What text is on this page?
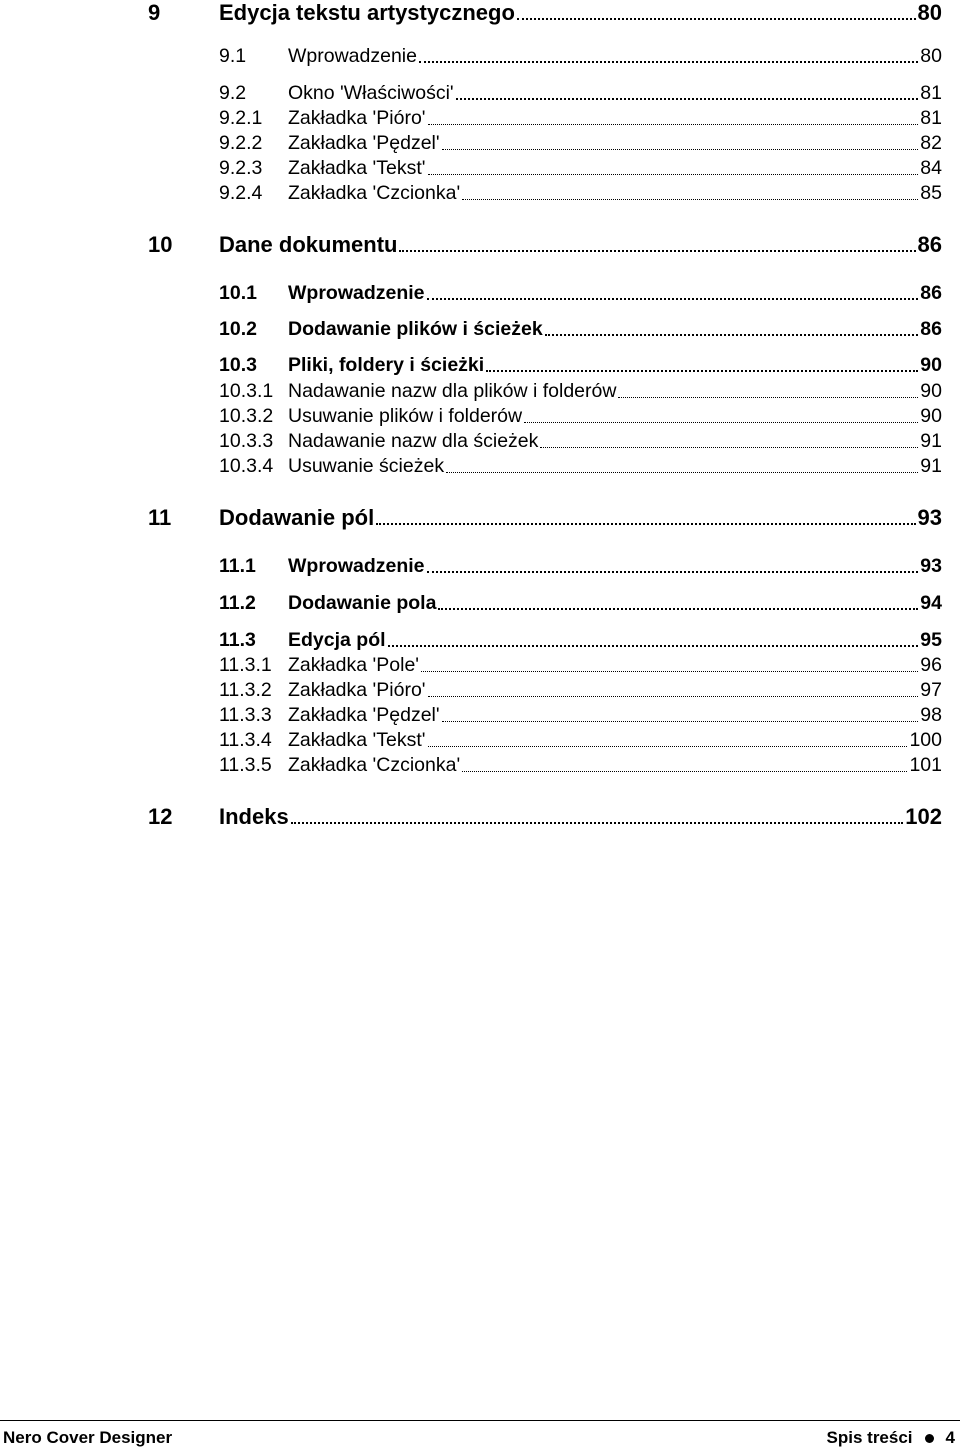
9	Edycja tekstu artystycznego	80
9.1 Wprowadzenie	80
9.2 Okno 'Właściwości'	81
9.2.1 Zakładka 'Pióro'	81
9.2.2 Zakładka 'Pędzel'	82
9.2.3 Zakładka 'Tekst'	84
9.2.4 Zakładka 'Czcionka'	85
10 Dane dokumentu	86
10.1 Wprowadzenie	86
10.2 Dodawanie plików i ścieżek	86
10.3 Pliki, foldery i ścieżki	90
10.3.1 Nadawanie nazw dla plików i folderów	90
10.3.2 Usuwanie plików i folderów	90
10.3.3 Nadawanie nazw dla ścieżek	91
10.3.4 Usuwanie ścieżek	91
11 Dodawanie pól	93
11.1 Wprowadzenie	93
11.2 Dodawanie pola	94
11.3 Edycja pól	95
11.3.1 Zakładka 'Pole'	96
11.3.2 Zakładka 'Pióro'	97
11.3.3 Zakładka 'Pędzel'	98
11.3.4 Zakładka 'Tekst'	100
11.3.5 Zakładka 'Czcionka'	101
12 Indeks	102
Nero Cover Designer	Spis treści 4
